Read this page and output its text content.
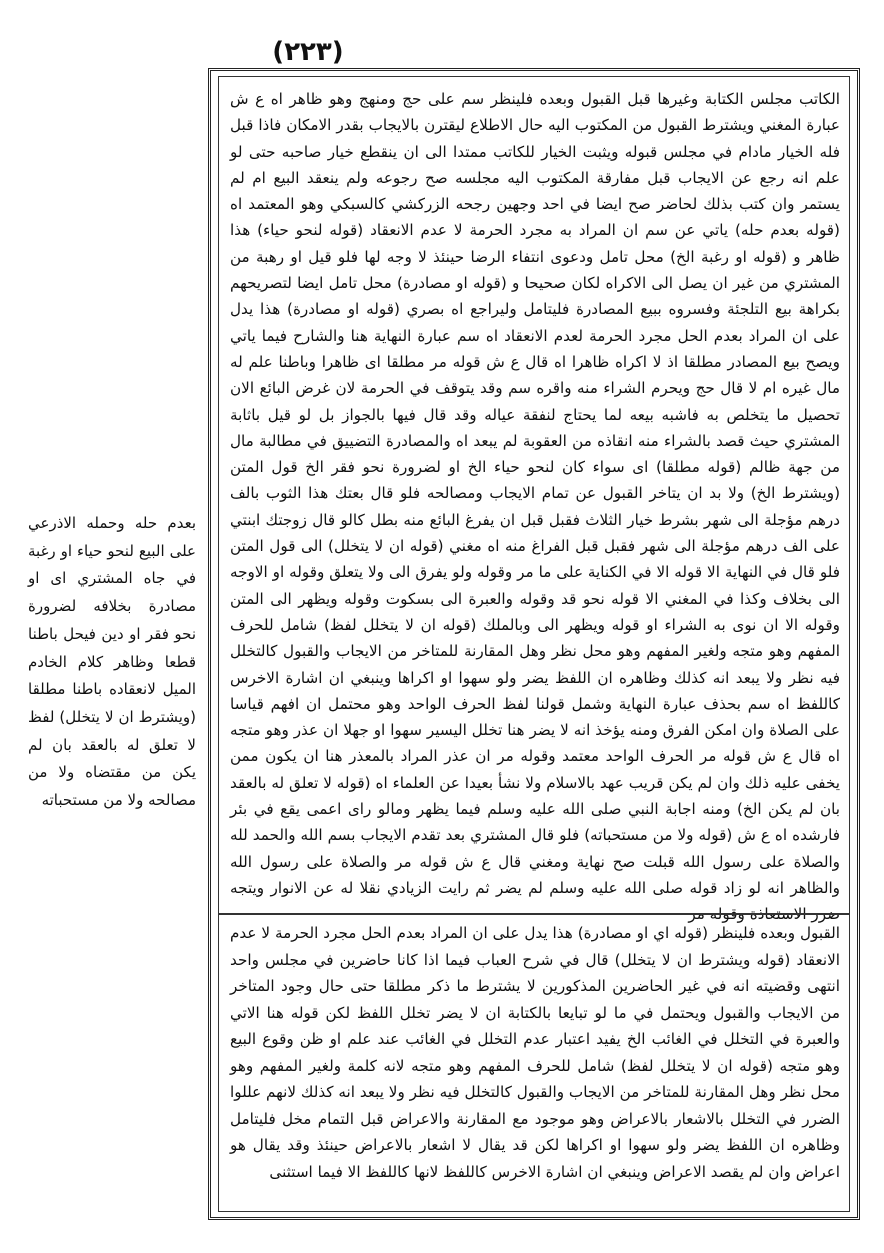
(٢٢٣)
الكاتب مجلس الكتابة وغيرها قبل القبول وبعده فلينظر سم على حج ومنهج وهو ظاهر اه ع ش عبارة المغني ويشترط القبول من المكتوب اليه حال الاطلاع ليقترن بالايجاب بقدر الامكان فاذا قبل فله الخيار مادام في مجلس قبوله ويثبت الخيار للكاتب ممتدا الى ان ينقطع خيار صاحبه حتى لو علم انه رجع عن الايجاب قبل مفارقة المكتوب اليه مجلسه صح رجوعه ولم ينعقد البيع ام لم يستمر وان كتب بذلك لحاضر صح ايضا في احد وجهين رجحه الزركشي كالسبكي وهو المعتمد اه (قوله بعدم حله) ياتي عن سم ان المراد به مجرد الحرمة لا عدم الانعقاد (قوله لنحو حياء) هذا ظاهر و (قوله او رغبة الخ) محل تامل ودعوى انتفاء الرضا حينئذ لا وجه لها فلو قيل او رهبة من المشتري من غير ان يصل الى الاكراه لكان صحيحا و (قوله او مصادرة) محل تامل ايضا لتصريحهم بكراهة بيع التلجئة وفسروه ببيع المصادرة فليتامل وليراجع اه بصري (قوله او مصادرة) هذا يدل على ان المراد بعدم الحل مجرد الحرمة لعدم الانعقاد اه سم عبارة النهاية هنا والشارح فيما ياتي ويصح بيع المصادر مطلقا اذ لا اكراه ظاهرا اه قال ع ش قوله مر مطلقا اى ظاهرا وباطنا علم له مال غيره ام لا قال حج ويحرم الشراء منه واقره سم وقد يتوقف في الحرمة لان غرض البائع الان تحصيل ما يتخلص به فاشبه بيعه لما يحتاج لنفقة عياله وقد قال فيها بالجواز بل لو قيل باثابة المشتري حيث قصد بالشراء منه انقاذه من العقوبة لم يبعد اه والمصادرة التضييق في مطالبة مال من جهة ظالم (قوله مطلقا) اى سواء كان لنحو حياء الخ او لضرورة نحو فقر الخ قول المتن (ويشترط الخ) ولا بد ان يتاخر القبول عن تمام الايجاب ومصالحه فلو قال بعتك هذا الثوب بالف درهم مؤجلة الى شهر بشرط خيار الثلاث فقبل قبل ان يفرغ البائع منه بطل كالو قال زوجتك ابنتي على الف درهم مؤجلة الى شهر فقبل قبل الفراغ منه اه مغني (قوله ان لا يتخلل) الى قول المتن فلو قال في النهاية الا قوله الا في الكناية على ما مر وقوله ولو يفرق الى ولا يتعلق وقوله او الاوجه الى بخلاف وكذا في المغني الا قوله نحو قد وقوله والعبرة الى بسكوت وقوله ويظهر الى المتن وقوله الا ان نوى به الشراء او قوله ويظهر الى وبالملك (قوله ان لا يتخلل لفظ) شامل للحرف المفهم وهو متجه ولغير المفهم وهو محل نظر وهل المقارنة للمتاخر من الايجاب والقبول كالتخلل فيه نظر ولا يبعد انه كذلك وظاهره ان اللفظ يضر ولو سهوا او اكراها وينبغي ان اشارة الاخرس كاللفظ اه سم بحذف عبارة النهاية وشمل قولنا لفظ الحرف الواحد وهو محتمل ان افهم قياسا على الصلاة وان امكن الفرق ومنه يؤخذ انه لا يضر هنا تخلل اليسير سهوا او جهلا ان عذر وهو متجه اه قال ع ش قوله مر الحرف الواحد معتمد وقوله مر ان عذر المراد بالمعذر هنا ان يكون ممن يخفى عليه ذلك وان لم يكن قريب عهد بالاسلام ولا نشأ بعيدا عن العلماء اه (قوله لا تعلق له بالعقد بان لم يكن الخ) ومنه اجابة النبي صلى الله عليه وسلم فيما يظهر ومالو راى اعمى يقع في بئر فارشده اه ع ش (قوله ولا من مستحباته) فلو قال المشتري بعد تقدم الايجاب بسم الله والحمد لله والصلاة على رسول الله قبلت صح نهاية ومغني قال ع ش قوله مر والصلاة على رسول الله والظاهر انه لو زاد قوله صلى الله عليه وسلم لم يضر ثم رايت الزيادي نقلا له عن الانوار ويتجه ضرر الاستعاذة وقوله مر
القبول وبعده فلينظر (قوله اي او مصادرة) هذا يدل على ان المراد بعدم الحل مجرد الحرمة لا عدم الانعقاد (قوله ويشترط ان لا يتخلل) قال في شرح العباب فيما اذا كانا حاضرين في مجلس واحد انتهى وقضيته انه في غير الحاضرين المذكورين لا يشترط ما ذكر مطلقا حتى حال وجود المتاخر من الايجاب والقبول ويحتمل في ما لو تبايعا بالكتابة ان لا يضر تخلل اللفظ لكن قوله هنا الاتي والعبرة في التخلل في الغائب الخ يفيد اعتبار عدم التخلل في الغائب عند علم او ظن وقوع البيع وهو متجه (قوله ان لا يتخلل لفظ) شامل للحرف المفهم وهو متجه لانه كلمة ولغير المفهم وهو محل نظر وهل المقارنة للمتاخر من الايجاب والقبول كالتخلل فيه نظر ولا يبعد انه كذلك لانهم عللوا الضرر في التخلل بالاشعار بالاعراض وهو موجود مع المقارنة والاعراض قبل التمام مخل فليتامل وظاهره ان اللفظ يضر ولو سهوا او اكراها لكن قد يقال لا اشعار بالاعراض حينئذ وقد يقال هو اعراض وان لم يقصد الاعراض وينبغي ان اشارة الاخرس كاللفظ لانها كاللفظ الا فيما استثنى
بعدم حله وحمله الاذرعي على البيع لنحو حياء او رغبة في جاه المشتري اى او مصادرة بخلافه لضرورة نحو فقر او دين فيحل باطنا قطعا وظاهر كلام الخادم الميل لانعقاده باطنا مطلقا (ويشترط ان لا يتخلل) لفظ لا تعلق له بالعقد بان لم يكن من مقتضاه ولا من مصالحه ولا من مستحباته
